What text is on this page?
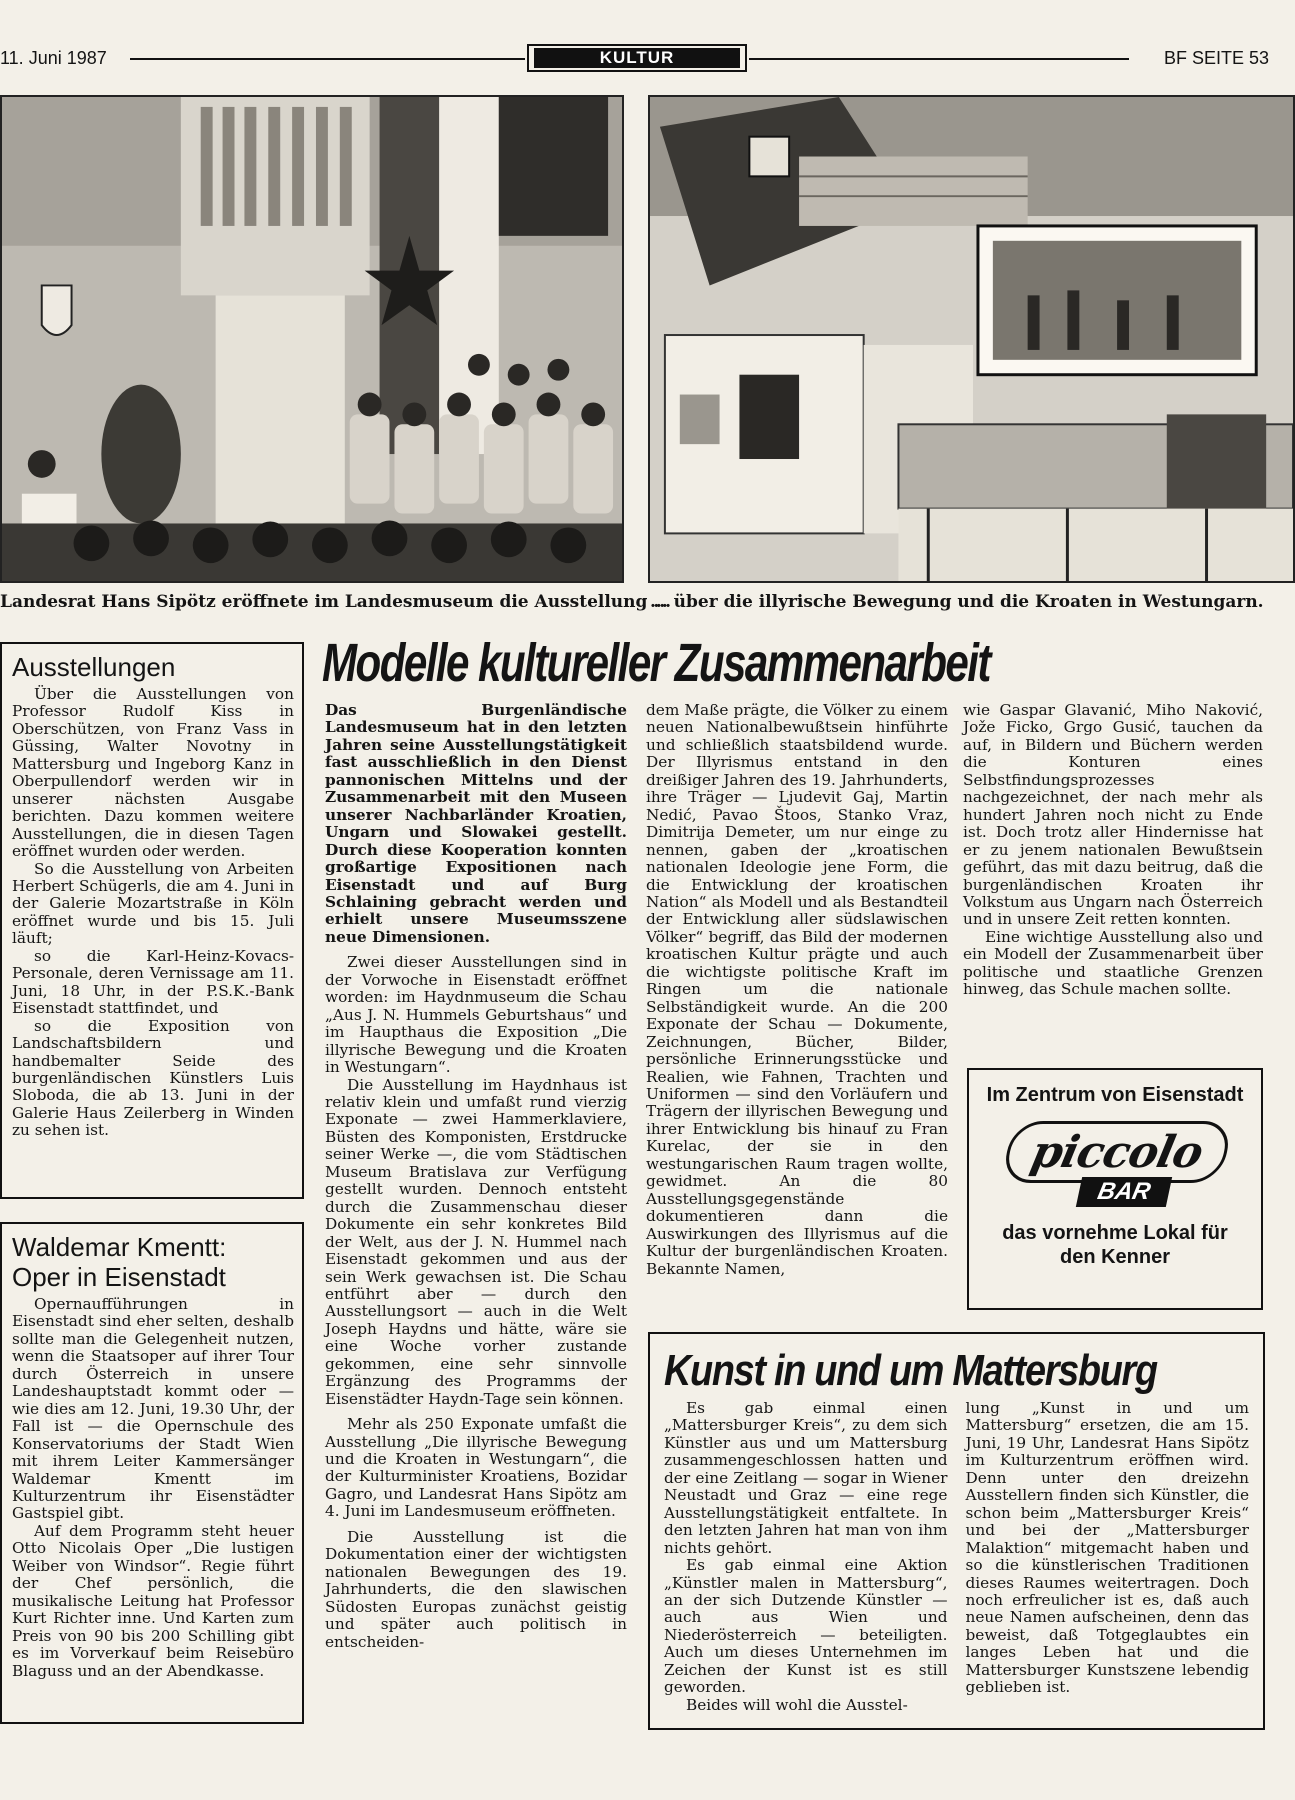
11. Juni 1987	KULTUR	BF SEITE 53
Landesrat Hans Sipötz eröffnete im Landesmuseum die Ausstellung ...
... über die illyrische Bewegung und die Kroaten in Westungarn.
Ausstellungen

Über die Ausstellungen von Professor Rudolf Kiss in Oberschützen, von Franz Vass in Güssing, Walter Novotny in Mattersburg und Ingeborg Kanz in Oberpullendorf werden wir in unserer nächsten Ausgabe berichten. Dazu kommen weitere Ausstellungen, die in diesen Tagen eröffnet wurden oder werden.

So die Ausstellung von Arbeiten Herbert Schügerls, die am 4. Juni in der Galerie Mozartstraße in Köln eröffnet wurde und bis 15. Juli läuft;

so die Karl-Heinz-Kovacs-Personale, deren Vernissage am 11. Juni, 18 Uhr, in der P.S.K.-Bank Eisenstadt stattfindet, und

so die Exposition von Landschaftsbildern und handbemalter Seide des burgenländischen Künstlers Luis Sloboda, die ab 13. Juni in der Galerie Haus Zeilerberg in Winden zu sehen ist.

Waldemar Kmentt:
Oper in Eisenstadt

Opernaufführungen in Eisenstadt sind eher selten, deshalb sollte man die Gelegenheit nutzen, wenn die Staatsoper auf ihrer Tour durch Österreich in unsere Landeshauptstadt kommt oder — wie dies am 12. Juni, 19.30 Uhr, der Fall ist — die Opernschule des Konservatoriums der Stadt Wien mit ihrem Leiter Kammersänger Waldemar Kmentt im Kulturzentrum ihr Eisenstädter Gastspiel gibt.

Auf dem Programm steht heuer Otto Nicolais Oper „Die lustigen Weiber von Windsor“. Regie führt der Chef persönlich, die musikalische Leitung hat Professor Kurt Richter inne. Und Karten zum Preis von 90 bis 200 Schilling gibt es im Vorverkauf beim Reisebüro Blaguss und an der Abendkasse.

Modelle kultureller Zusammenarbeit

Das Burgenländische Landesmuseum hat in den letzten Jahren seine Ausstellungstätigkeit fast ausschließlich in den Dienst pannonischen Mittelns und der Zusammenarbeit mit den Museen unserer Nachbarländer Kroatien, Ungarn und Slowakei gestellt. Durch diese Kooperation konnten großartige Expositionen nach Eisenstadt und auf Burg Schlaining gebracht werden und erhielt unsere Museumsszene neue Dimensionen.

Zwei dieser Ausstellungen sind in der Vorwoche in Eisenstadt eröffnet worden: im Haydnmuseum die Schau „Aus J. N. Hummels Geburtshaus“ und im Haupthaus die Exposition „Die illyrische Bewegung und die Kroaten in Westungarn“.

Die Ausstellung im Haydnhaus ist relativ klein und umfaßt rund vierzig Exponate — zwei Hammerklaviere, Büsten des Komponisten, Erstdrucke seiner Werke —, die vom Städtischen Museum Bratislava zur Verfügung gestellt wurden. Dennoch entsteht durch die Zusammenschau dieser Dokumente ein sehr konkretes Bild der Welt, aus der J. N. Hummel nach Eisenstadt gekommen und aus der sein Werk gewachsen ist. Die Schau entführt aber — durch den Ausstellungsort — auch in die Welt Joseph Haydns und hätte, wäre sie eine Woche vorher zustande gekommen, eine sehr sinnvolle Ergänzung des Programms der Eisenstädter Haydn-Tage sein können.

Mehr als 250 Exponate umfaßt die Ausstellung „Die illyrische Bewegung und die Kroaten in Westungarn“, die der Kulturminister Kroatiens, Bozidar Gagro, und Landesrat Hans Sipötz am 4. Juni im Landesmuseum eröffneten.

Die Ausstellung ist die Dokumentation einer der wichtigsten nationalen Bewegungen des 19. Jahrhunderts, die den slawischen Südosten Europas zunächst geistig und später auch politisch in entscheiden-

dem Maße prägte, die Völker zu einem neuen Nationalbewußtsein hinführte und schließlich staatsbildend wurde. Der Illyrismus entstand in den dreißiger Jahren des 19. Jahrhunderts, ihre Träger — Ljudevit Gaj, Martin Nedić, Pavao Štoos, Stanko Vraz, Dimitrija Demeter, um nur einge zu nennen, gaben der „kroatischen nationalen Ideologie jene Form, die die Entwicklung der kroatischen Nation“ als Modell und als Bestandteil der Entwicklung aller südslawischen Völker“ begriff, das Bild der modernen kroatischen Kultur prägte und auch die wichtigste politische Kraft im Ringen um die nationale Selbständigkeit wurde. An die 200 Exponate der Schau — Dokumente, Zeichnungen, Bücher, Bilder, persönliche Erinnerungsstücke und Realien, wie Fahnen, Trachten und Uniformen — sind den Vorläufern und Trägern der illyrischen Bewegung und ihrer Entwicklung bis hinauf zu Fran Kurelac, der sie in den westungarischen Raum tragen wollte, gewidmet. An die 80 Ausstellungsgegenstände dokumentieren dann die Auswirkungen des Illyrismus auf die Kultur der burgenländischen Kroaten. Bekannte Namen,

wie Gaspar Glavanić, Miho Naković, Jože Ficko, Grgo Gusić, tauchen da auf, in Bildern und Büchern werden die Konturen eines Selbstfindungsprozesses nachgezeichnet, der nach mehr als hundert Jahren noch nicht zu Ende ist. Doch trotz aller Hindernisse hat er zu jenem nationalen Bewußtsein geführt, das mit dazu beitrug, daß die burgenländischen Kroaten ihr Volkstum aus Ungarn nach Österreich und in unsere Zeit retten konnten.

Eine wichtige Ausstellung also und ein Modell der Zusammenarbeit über politische und staatliche Grenzen hinweg, das Schule machen sollte.

Im Zentrum von Eisenstadt
piccolo
BAR
das vornehme Lokal für
den Kenner
Kunst in und um Mattersburg

Es gab einmal einen „Mattersburger Kreis“, zu dem sich Künstler aus und um Mattersburg zusammengeschlossen hatten und der eine Zeitlang — sogar in Wiener Neustadt und Graz — eine rege Ausstellungstätigkeit entfaltete. In den letzten Jahren hat man von ihm nichts gehört.

Es gab einmal eine Aktion „Künstler malen in Mattersburg“, an der sich Dutzende Künstler — auch aus Wien und Niederösterreich — beteiligten. Auch um dieses Unternehmen im Zeichen der Kunst ist es still geworden.

Beides will wohl die Ausstel-

lung „Kunst in und um Mattersburg“ ersetzen, die am 15. Juni, 19 Uhr, Landesrat Hans Sipötz im Kulturzentrum eröffnen wird. Denn unter den dreizehn Ausstellern finden sich Künstler, die schon beim „Mattersburger Kreis“ und bei der „Mattersburger Malaktion“ mitgemacht haben und so die künstlerischen Traditionen dieses Raumes weitertragen. Doch noch erfreulicher ist es, daß auch neue Namen aufscheinen, denn das beweist, daß Totgeglaubtes ein langes Leben hat und die Mattersburger Kunstszene lebendig geblieben ist.
